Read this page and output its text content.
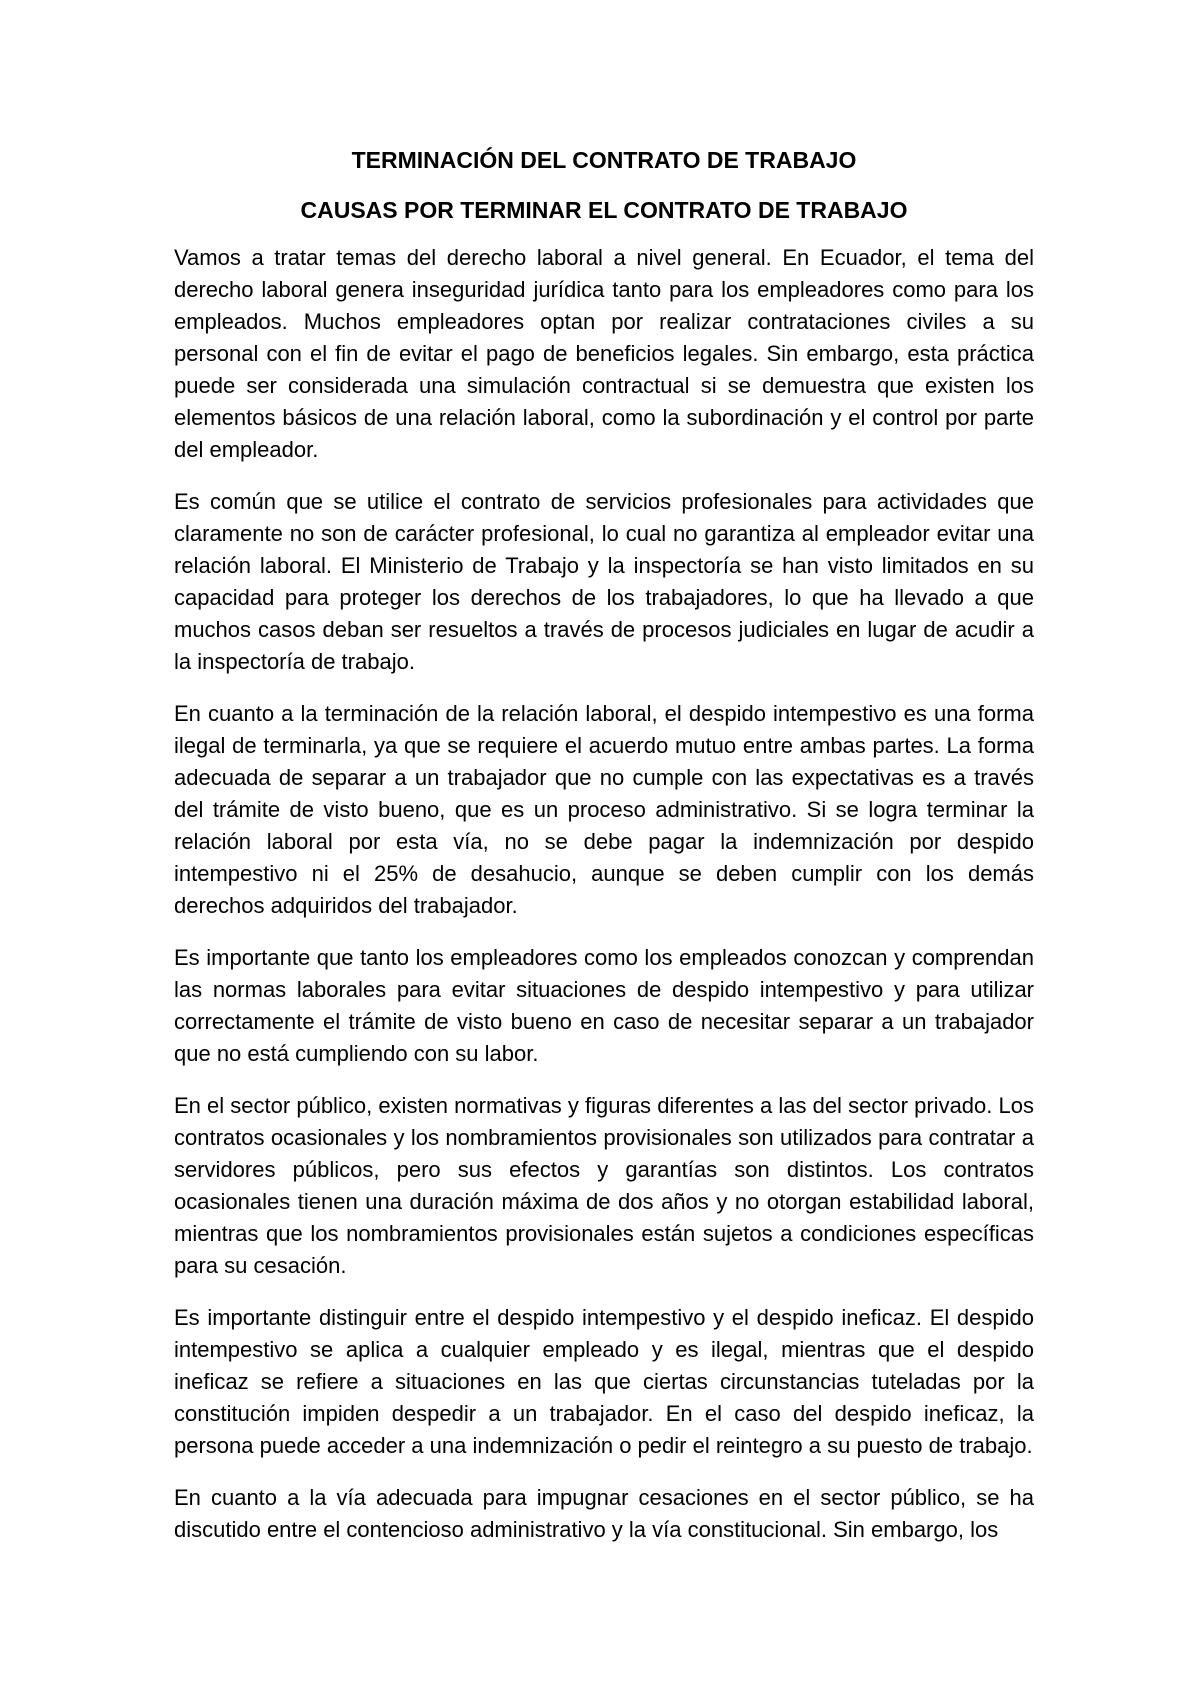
TERMINACIÓN DEL CONTRATO DE TRABAJO
CAUSAS POR TERMINAR EL CONTRATO DE TRABAJO

Vamos a tratar temas del derecho laboral a nivel general. En Ecuador, el tema del derecho laboral genera inseguridad jurídica tanto para los empleadores como para los empleados. Muchos empleadores optan por realizar contrataciones civiles a su personal con el fin de evitar el pago de beneficios legales. Sin embargo, esta práctica puede ser considerada una simulación contractual si se demuestra que existen los elementos básicos de una relación laboral, como la subordinación y el control por parte del empleador.

Es común que se utilice el contrato de servicios profesionales para actividades que claramente no son de carácter profesional, lo cual no garantiza al empleador evitar una relación laboral. El Ministerio de Trabajo y la inspectoría se han visto limitados en su capacidad para proteger los derechos de los trabajadores, lo que ha llevado a que muchos casos deban ser resueltos a través de procesos judiciales en lugar de acudir a la inspectoría de trabajo.

En cuanto a la terminación de la relación laboral, el despido intempestivo es una forma ilegal de terminarla, ya que se requiere el acuerdo mutuo entre ambas partes. La forma adecuada de separar a un trabajador que no cumple con las expectativas es a través del trámite de visto bueno, que es un proceso administrativo. Si se logra terminar la relación laboral por esta vía, no se debe pagar la indemnización por despido intempestivo ni el 25% de desahucio, aunque se deben cumplir con los demás derechos adquiridos del trabajador.

Es importante que tanto los empleadores como los empleados conozcan y comprendan las normas laborales para evitar situaciones de despido intempestivo y para utilizar correctamente el trámite de visto bueno en caso de necesitar separar a un trabajador que no está cumpliendo con su labor.

En el sector público, existen normativas y figuras diferentes a las del sector privado. Los contratos ocasionales y los nombramientos provisionales son utilizados para contratar a servidores públicos, pero sus efectos y garantías son distintos. Los contratos ocasionales tienen una duración máxima de dos años y no otorgan estabilidad laboral, mientras que los nombramientos provisionales están sujetos a condiciones específicas para su cesación.

Es importante distinguir entre el despido intempestivo y el despido ineficaz. El despido intempestivo se aplica a cualquier empleado y es ilegal, mientras que el despido ineficaz se refiere a situaciones en las que ciertas circunstancias tuteladas por la constitución impiden despedir a un trabajador. En el caso del despido ineficaz, la persona puede acceder a una indemnización o pedir el reintegro a su puesto de trabajo.

En cuanto a la vía adecuada para impugnar cesaciones en el sector público, se ha discutido entre el contencioso administrativo y la vía constitucional. Sin embargo, los
